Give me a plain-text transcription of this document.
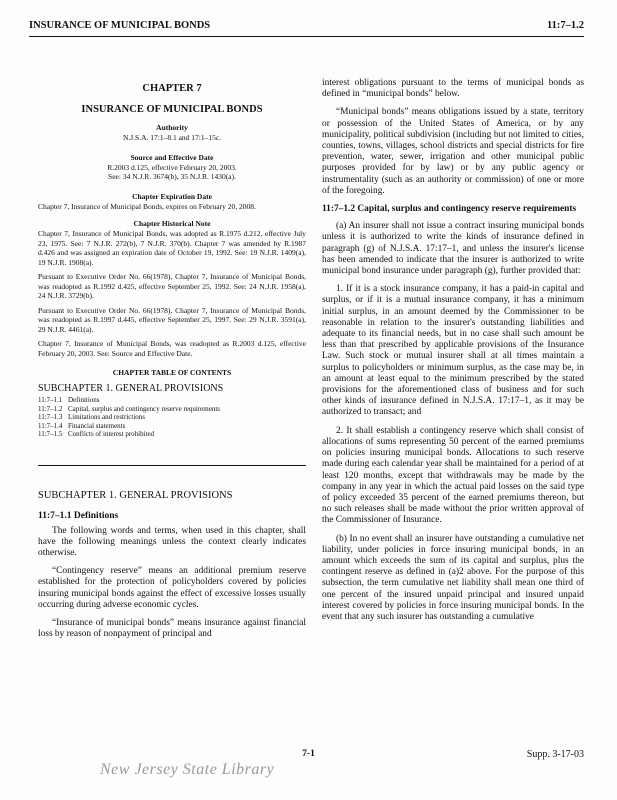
INSURANCE OF MUNICIPAL BONDS	11:7–1.2

CHAPTER 7

INSURANCE OF MUNICIPAL BONDS

Authority

N.J.S.A. 17:1–8.1 and 17:1–15c.

Source and Effective Date

R.2003 d.125, effective February 20, 2003.
See: 34 N.J.R. 3674(b), 35 N.J.R. 1430(a).

Chapter Expiration Date

Chapter 7, Insurance of Municipal Bonds, expires on February 20, 2008.

Chapter Historical Note

Chapter 7, Insurance of Municipal Bonds, was adopted as R.1975 d.212, effective July 23, 1975. See: 7 N.J.R. 272(b), 7 N.J.R. 370(b). Chapter 7 was amended by R.1987 d.426 and was assigned an expiration date of October 19, 1992. See: 19 N.J.R. 1409(a), 19 N.J.R. 1908(a).

Pursuant to Executive Order No. 66(1978), Chapter 7, Insurance of Municipal Bonds, was readopted as R.1992 d.425, effective September 25, 1992. See: 24 N.J.R. 1958(a), 24 N.J.R. 3729(b).

Pursuant to Executive Order No. 66(1978), Chapter 7, Insurance of Municipal Bonds, was readopted as R.1997 d.445, effective September 25, 1997. See: 29 N.J.R. 3591(a), 29 N.J.R. 4461(a).

Chapter 7, Insurance of Municipal Bonds, was readopted as R.2003 d.125, effective February 20, 2003. See: Source and Effective Date.

CHAPTER TABLE OF CONTENTS

SUBCHAPTER 1. GENERAL PROVISIONS

11:7–1.1 Definitions
11:7–1.2 Capital, surplus and contingency reserve requirements
11:7–1.3 Limitations and restrictions
11:7–1.4 Financial statements
11:7–1.5 Conflicts of interest prohibited

SUBCHAPTER 1. GENERAL PROVISIONS

11:7–1.1 Definitions

The following words and terms, when used in this chapter, shall have the following meanings unless the context clearly indicates otherwise.

“Contingency reserve” means an additional premium reserve established for the protection of policyholders covered by policies insuring municipal bonds against the effect of excessive losses usually occurring during adverse economic cycles.

“Insurance of municipal bonds” means insurance against financial loss by reason of nonpayment of principal and

interest obligations pursuant to the terms of municipal bonds as defined in “municipal bonds” below.

“Municipal bonds” means obligations issued by a state, territory or possession of the United States of America, or by any municipality, political subdivision (including but not limited to cities, counties, towns, villages, school districts and special districts for fire prevention, water, sewer, irrigation and other municipal public purposes provided for by law) or by any public agency or instrumentality (such as an authority or commission) of one or more of the foregoing.

11:7–1.2 Capital, surplus and contingency reserve requirements

(a) An insurer shall not issue a contract insuring municipal bonds unless it is authorized to write the kinds of insurance defined in paragraph (g) of N.J.S.A. 17:17–1, and unless the insurer's license has been amended to indicate that the insurer is authorized to write municipal bond insurance under paragraph (g), further provided that:

1. If it is a stock insurance company, it has a paid-in capital and surplus, or if it is a mutual insurance company, it has a minimum initial surplus, in an amount deemed by the Commissioner to be reasonable in relation to the insurer's outstanding liabilities and adequate to its financial needs, but in no case shall such amount be less than that prescribed by applicable provisions of the Insurance Law. Such stock or mutual insurer shall at all times maintain a surplus to policyholders or minimum surplus, as the case may be, in an amount at least equal to the minimum prescribed by the stated provisions for the aforementioned class of business and for such other kinds of insurance defined in N.J.S.A. 17:17–1, as it may be authorized to transact; and

2. It shall establish a contingency reserve which shall consist of allocations of sums representing 50 percent of the earned premiums on policies insuring municipal bonds. Allocations to such reserve made during each calendar year shall be maintained for a period of at least 120 months, except that withdrawals may be made by the company in any year in which the actual paid losses on the said type of policy exceeded 35 percent of the earned premiums thereon, but no such releases shall be made without the prior written approval of the Commissioner of Insurance.

(b) In no event shall an insurer have outstanding a cumulative net liability, under policies in force insuring municipal bonds, in an amount which exceeds the sum of its capital and surplus, plus the contingent reserve as defined in (a)2 above. For the purpose of this subsection, the term cumulative net liability shall mean one third of one percent of the insured unpaid principal and insured unpaid interest covered by policies in force insuring municipal bonds. In the event that any such insurer has outstanding a cumulative

7-1	Supp. 3-17-03
New Jersey State Library
